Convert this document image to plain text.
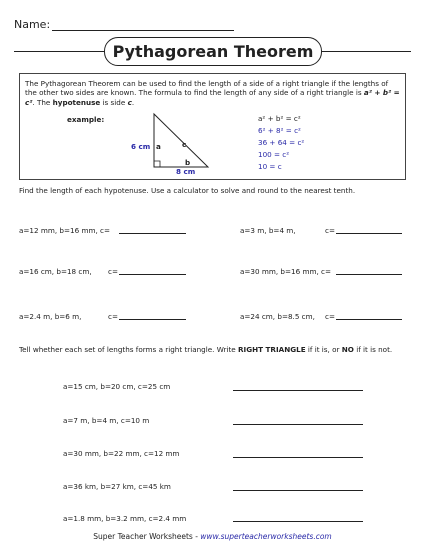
Name:
Pythagorean Theorem
The Pythagorean Theorem can be used to find the length of a side of a right triangle if the lengths of the other two sides are known. The formula to find the length of any side of a right triangle is a² + b² = c². The hypotenuse is side c.
example:
6 cm a	c
b
8 cm
a² + b² = c²
6² + 8² = c²
36 + 64 = c²
100 = c²
10 = c
Find the length of each hypotenuse. Use a calculator to solve and round to the nearest tenth.
a=12 mm, b=16 mm, c=	a=3 m, b=4 m,	c=
a=16 cm, b=18 cm, c=	a=30 mm, b=16 mm, c=
a=2.4 m, b=6 m,	c=	a=24 cm, b=8.5 cm, c=
Tell whether each set of lengths forms a right triangle. Write RIGHT TRIANGLE if it is, or NO if it is not.
a=15 cm, b=20 cm, c=25 cm
a=7 m, b=4 m, c=10 m
a=30 mm, b=22 mm, c=12 mm
a=36 km, b=27 km, c=45 km
a=1.8 mm, b=3.2 mm, c=2.4 mm
Super Teacher Worksheets - www.superteacherworksheets.com
